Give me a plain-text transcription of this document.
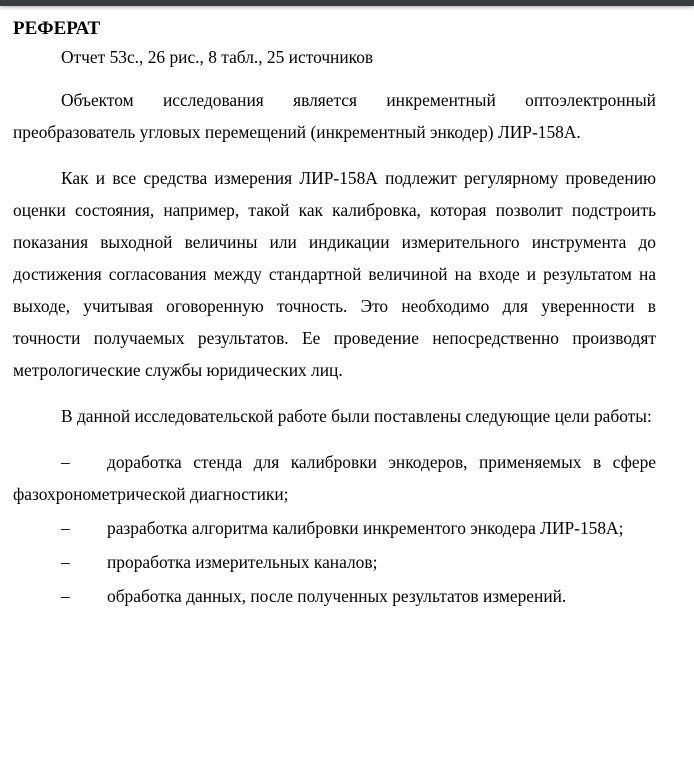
РЕФЕРАТ

Отчет 53с., 26 рис., 8 табл., 25 источников

Объектом исследования является инкрементный оптоэлектронный преобразователь угловых перемещений (инкрементный энкодер) ЛИР-158А.

Как и все средства измерения ЛИР-158А подлежит регулярному проведению оценки состояния, например, такой как калибровка, которая позволит подстроить показания выходной величины или индикации измерительного инструмента до достижения согласования между стандартной величиной на входе и результатом на выходе, учитывая оговоренную точность. Это необходимо для уверенности в точности получаемых результатов. Ее проведение непосредственно производят метрологические службы юридических лиц.

В данной исследовательской работе были поставлены следующие цели работы:

– доработка стенда для калибровки энкодеров, применяемых в сфере фазохронометрической диагностики;
– разработка алгоритма калибровки инкрементого энкодера ЛИР-158А;
– проработка измерительных каналов;
– обработка данных, после полученных результатов измерений.
